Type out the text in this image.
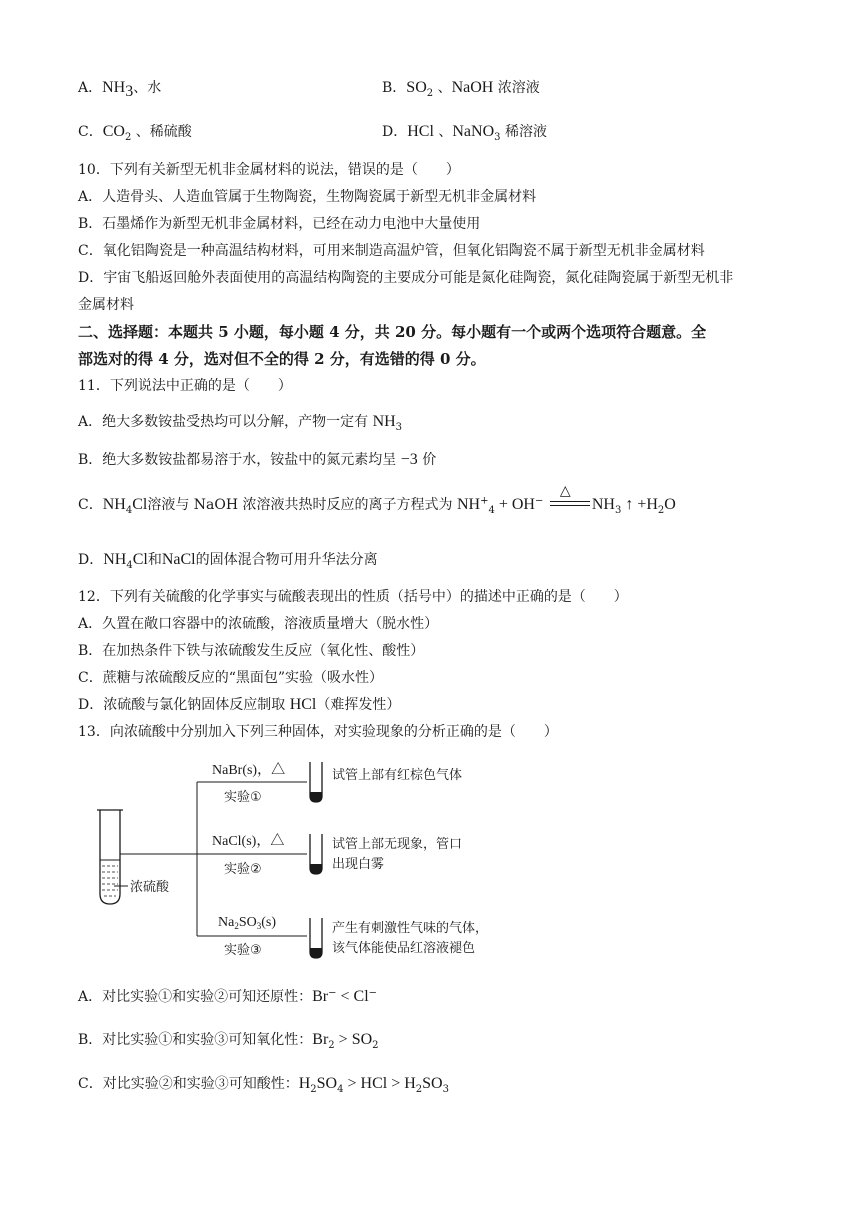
A．$NH_3$、水	B．$SO_2$ 、NaOH 浓溶液
C．$CO_2$ 、稀硫酸	D．HCl 、NaNO$_3$ 稀溶液
10．下列有关新型无机非金属材料的说法，错误的是（　　）
A．人造骨头、人造血管属于生物陶瓷，生物陶瓷属于新型无机非金属材料
B．石墨烯作为新型无机非金属材料，已经在动力电池中大量使用
C．氧化铝陶瓷是一种高温结构材料，可用来制造高温炉管，但氧化铝陶瓷不属于新型无机非金属材料
D．宇宙飞船返回舱外表面使用的高温结构陶瓷的主要成分可能是氮化硅陶瓷，氮化硅陶瓷属于新型无机非
金属材料
二、选择题：本题共 5 小题，每小题 4 分，共 20 分。每小题有一个或两个选项符合题意。全
部选对的得 4 分，选对但不全的得 2 分，有选错的得 0 分。
11．下列说法中正确的是（　　）
A．绝大多数铵盐受热均可以分解，产物一定有 $NH_3$
B．绝大多数铵盐都易溶于水，铵盐中的氮元素均呈 −3 价
C．$NH_4Cl$溶液与 NaOH 浓溶液共热时反应的离子方程式为 $NH^+_4 + OH^-$
△
$NH_3$ ↑ $+H_2O$
D．$NH_4Cl$和NaCl的固体混合物可用升华法分离
12．下列有关硫酸的化学事实与硫酸表现出的性质（括号中）的描述中正确的是（　　）
A．久置在敞口容器中的浓硫酸，溶液质量增大（脱水性）
B．在加热条件下铁与浓硫酸发生反应（氧化性、酸性）
C．蔗糖与浓硫酸反应的“黑面包”实验（吸水性）
D．浓硫酸与氯化钠固体反应制取 HCl（难挥发性）
13．向浓硫酸中分别加入下列三种固体，对实验现象的分析正确的是（　　）
浓硫酸
NaBr(s)，△
实验①
试管上部有红棕色气体
NaCl(s)，△
实验②
试管上部无现象，管口
出现白雾
$Na_2SO_3(s)$
实验③
产生有刺激性气味的气体，
该气体能使品红溶液褪色
A．对比实验①和实验②可知还原性：Br− < Cl−
B．对比实验①和实验③可知氧化性：$Br_2 > SO_2$
C．对比实验②和实验③可知酸性：$H_2SO_4$ > HCl > $H_2SO_3$
